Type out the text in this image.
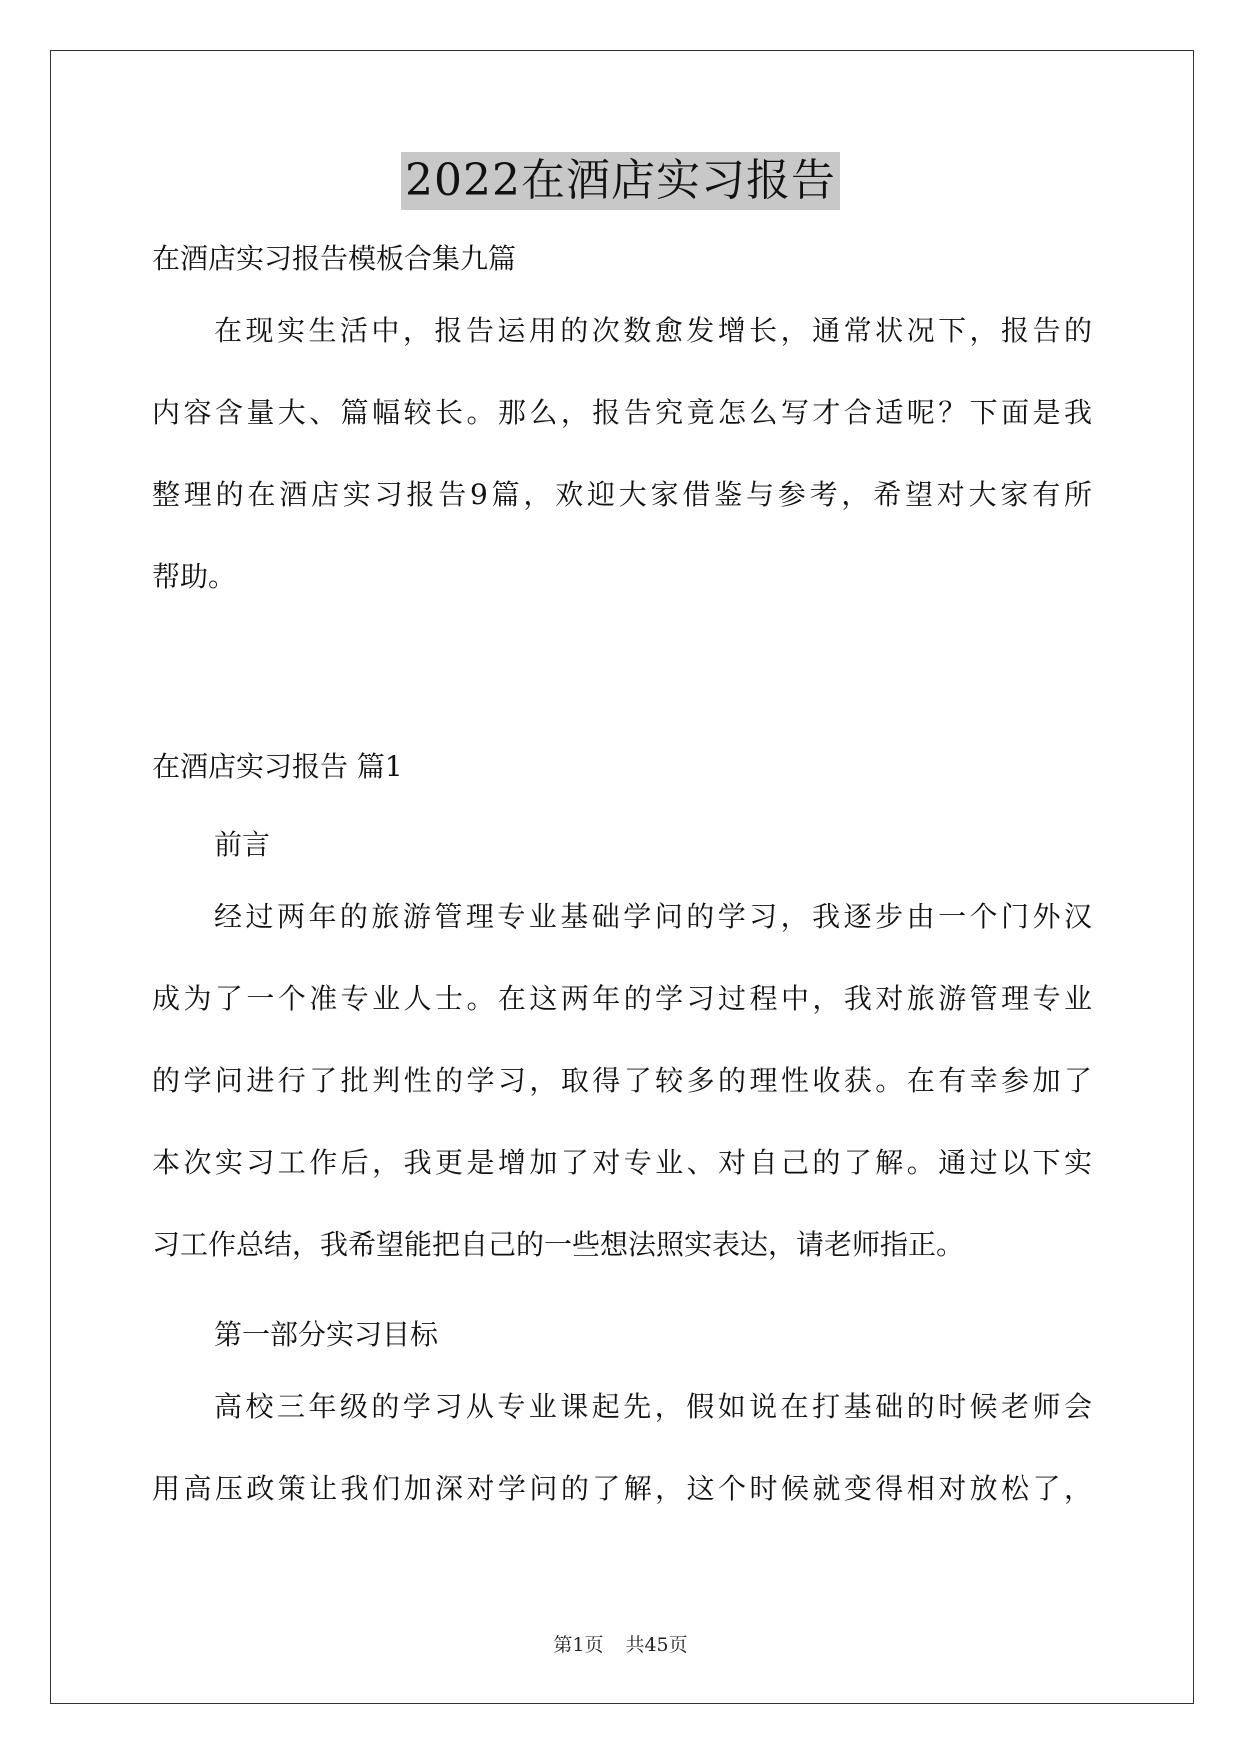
2022在酒店实习报告
在酒店实习报告模板合集九篇
在现实生活中，报告运用的次数愈发增长，通常状况下，报告的
内容含量大、篇幅较长。那么，报告究竟怎么写才合适呢？下面是我
整理的在酒店实习报告9篇，欢迎大家借鉴与参考，希望对大家有所
帮助。
在酒店实习报告 篇1
前言
经过两年的旅游管理专业基础学问的学习，我逐步由一个门外汉
成为了一个准专业人士。在这两年的学习过程中，我对旅游管理专业
的学问进行了批判性的学习，取得了较多的理性收获。在有幸参加了
本次实习工作后，我更是增加了对专业、对自己的了解。通过以下实
习工作总结，我希望能把自己的一些想法照实表达，请老师指正。
第一部分实习目标
高校三年级的学习从专业课起先，假如说在打基础的时候老师会
用高压政策让我们加深对学问的了解，这个时候就变得相对放松了，
第1页 共45页
